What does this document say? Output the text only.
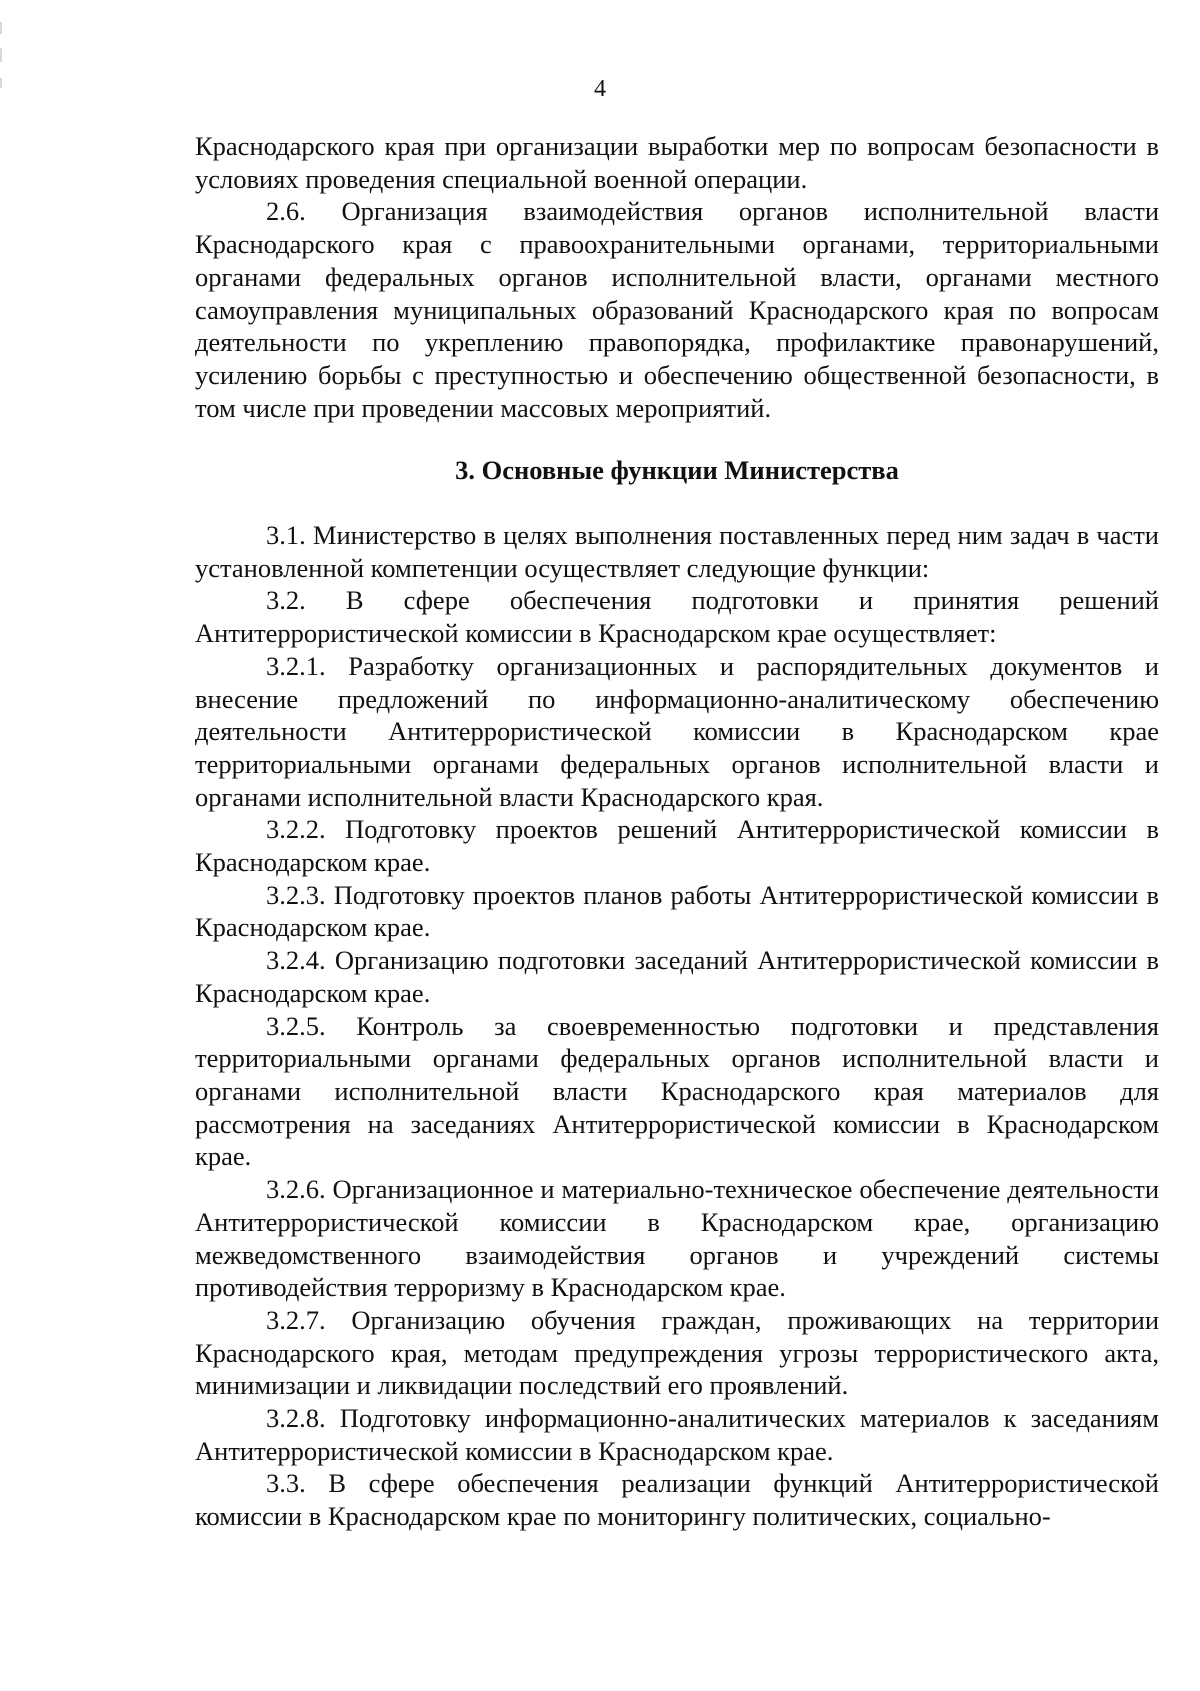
4

Краснодарского края при организации выработки мер по вопросам безопасности в условиях проведения специальной военной операции.

2.6. Организация взаимодействия органов исполнительной власти Краснодарского края с правоохранительными органами, территориальными органами федеральных органов исполнительной власти, органами местного самоуправления муниципальных образований Краснодарского края по вопросам деятельности по укреплению правопорядка, профилактике правонарушений, усилению борьбы с преступностью и обеспечению общественной безопасности, в том числе при проведении массовых мероприятий.

3. Основные функции Министерства

3.1. Министерство в целях выполнения поставленных перед ним задач в части установленной компетенции осуществляет следующие функции:

3.2. В сфере обеспечения подготовки и принятия решений Антитеррористической комиссии в Краснодарском крае осуществляет:

3.2.1. Разработку организационных и распорядительных документов и внесение предложений по информационно-аналитическому обеспечению деятельности Антитеррористической комиссии в Краснодарском крае территориальными органами федеральных органов исполнительной власти и органами исполнительной власти Краснодарского края.

3.2.2. Подготовку проектов решений Антитеррористической комиссии в Краснодарском крае.

3.2.3. Подготовку проектов планов работы Антитеррористической комиссии в Краснодарском крае.

3.2.4. Организацию подготовки заседаний Антитеррористической комиссии в Краснодарском крае.

3.2.5. Контроль за своевременностью подготовки и представления территориальными органами федеральных органов исполнительной власти и органами исполнительной власти Краснодарского края материалов для рассмотрения на заседаниях Антитеррористической комиссии в Краснодарском крае.

3.2.6. Организационное и материально-техническое обеспечение деятельности Антитеррористической комиссии в Краснодарском крае, организацию межведомственного взаимодействия органов и учреждений системы противодействия терроризму в Краснодарском крае.

3.2.7. Организацию обучения граждан, проживающих на территории Краснодарского края, методам предупреждения угрозы террористического акта, минимизации и ликвидации последствий его проявлений.

3.2.8. Подготовку информационно-аналитических материалов к заседаниям Антитеррористической комиссии в Краснодарском крае.

3.3. В сфере обеспечения реализации функций Антитеррористической комиссии в Краснодарском крае по мониторингу политических, социально-
